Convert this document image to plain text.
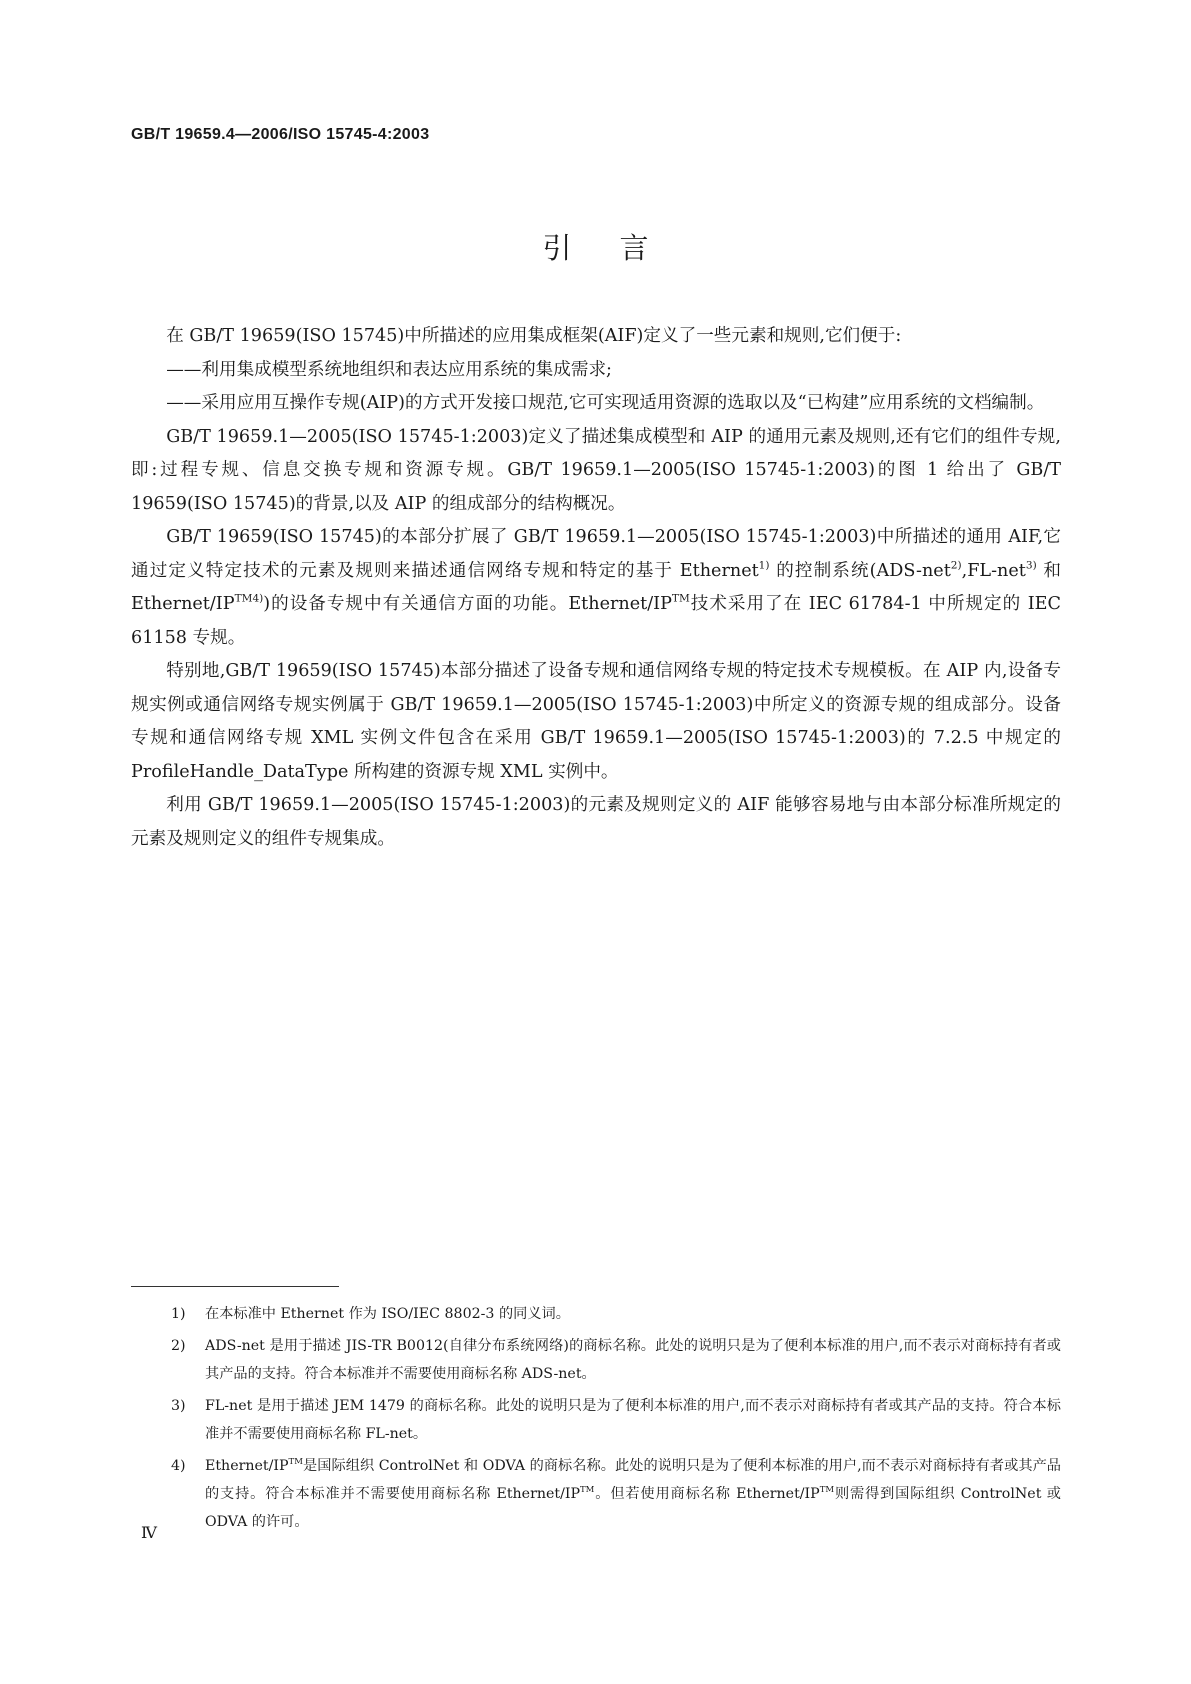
GB/T 19659.4—2006/ISO 15745-4:2003
引言

在 GB/T 19659(ISO 15745)中所描述的应用集成框架(AIF)定义了一些元素和规则,它们便于:

——利用集成模型系统地组织和表达应用系统的集成需求;

——采用应用互操作专规(AIP)的方式开发接口规范,它可实现适用资源的选取以及“已构建”应用系统的文档编制。

GB/T 19659.1—2005(ISO 15745-1:2003)定义了描述集成模型和 AIP 的通用元素及规则,还有它们的组件专规,即:过程专规、信息交换专规和资源专规。GB/T 19659.1—2005(ISO 15745-1:2003)的图 1 给出了 GB/T 19659(ISO 15745)的背景,以及 AIP 的组成部分的结构概况。

GB/T 19659(ISO 15745)的本部分扩展了 GB/T 19659.1—2005(ISO 15745-1:2003)中所描述的通用 AIF,它通过定义特定技术的元素及规则来描述通信网络专规和特定的基于 Ethernet$^{1)}$ 的控制系统(ADS-net$^{2)}$,FL-net$^{3)}$ 和 Ethernet/$IP^{TM4)}$)的设备专规中有关通信方面的功能。Ethernet/IP™技术采用了在 IEC 61784-1 中所规定的 IEC 61158 专规。

特别地,GB/T 19659(ISO 15745)本部分描述了设备专规和通信网络专规的特定技术专规模板。在 AIP 内,设备专规实例或通信网络专规实例属于 GB/T 19659.1—2005(ISO 15745-1:2003)中所定义的资源专规的组成部分。设备专规和通信网络专规 XML 实例文件包含在采用 GB/T 19659.1—2005(ISO 15745-1:2003)的 7.2.5 中规定的 ProfileHandle_DataType 所构建的资源专规 XML 实例中。

利用 GB/T 19659.1—2005(ISO 15745-1:2003)的元素及规则定义的 AIF 能够容易地与由本部分标准所规定的元素及规则定义的组件专规集成。

1)	在本标准中 Ethernet 作为 ISO/IEC 8802-3 的同义词。
2)	ADS-net 是用于描述 JIS-TR B0012(自律分布系统网络)的商标名称。此处的说明只是为了便利本标准的用户,而不表示对商标持有者或其产品的支持。符合本标准并不需要使用商标名称 ADS-net。
3)	FL-net 是用于描述 JEM 1479 的商标名称。此处的说明只是为了便利本标准的用户,而不表示对商标持有者或其产品的支持。符合本标准并不需要使用商标名称 FL-net。
4)	Ethernet/IP™是国际组织 ControlNet 和 ODVA 的商标名称。此处的说明只是为了便利本标准的用户,而不表示对商标持有者或其产品的支持。符合本标准并不需要使用商标名称 Ethernet/IP™。但若使用商标名称 Ethernet/IP™则需得到国际组织 ControlNet 或 ODVA 的许可。
Ⅳ
